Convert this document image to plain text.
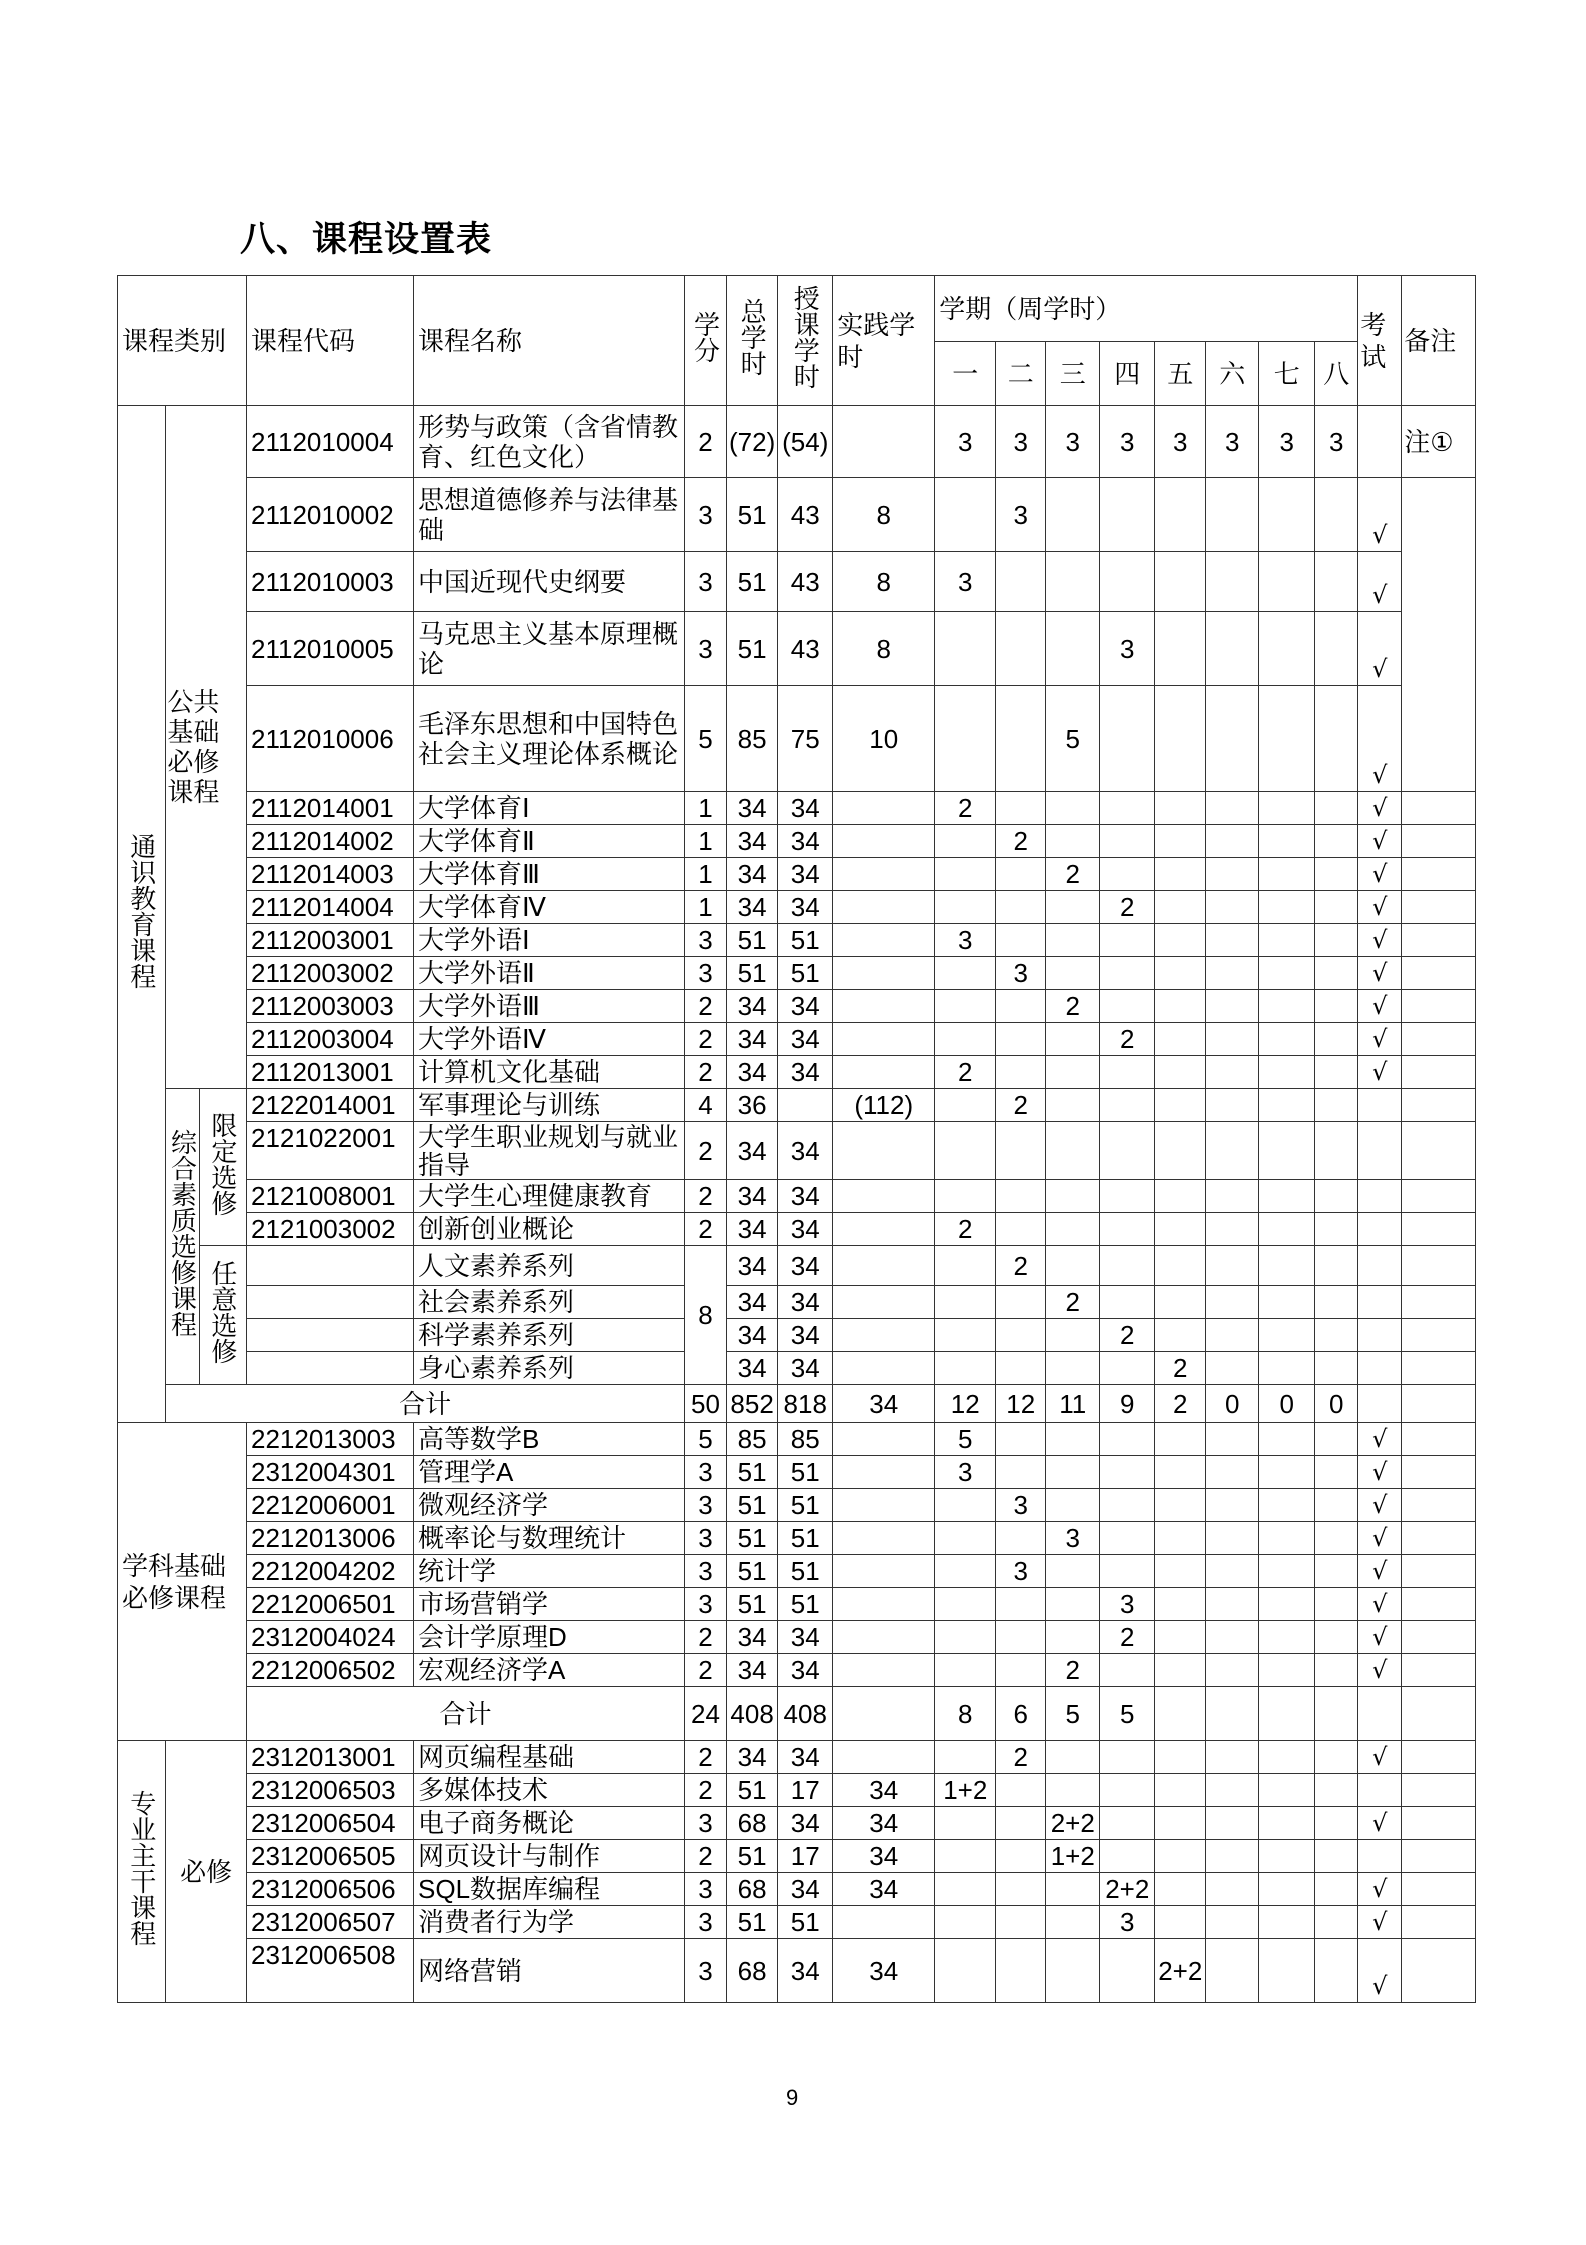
八、课程设置表
课程类别			课程代码	课程名称	学分	总学时	授课学时	实践学时	学期（周学时）								考试	备注
									一	二	三	四	五	六	七	八		
通识教育课程	公共基础必修课程		2112010004	形势与政策（含省情教育、红色文化）	2	(72)	(54)		3	3	3	3	3	3	3	3		注①
			2112010002	思想道德修养与法律基础	3	51	43	8		3							√	
			2112010003	中国近现代史纲要	3	51	43	8	3								√	
			2112010005	马克思主义基本原理概论	3	51	43	8				3					√	
			2112010006	毛泽东思想和中国特色社会主义理论体系概论	5	85	75	10			5						√	
			2112014001	大学体育Ⅰ	1	34	34		2								√	
			2112014002	大学体育Ⅱ	1	34	34			2							√	
			2112014003	大学体育Ⅲ	1	34	34				2						√	
			2112014004	大学体育Ⅳ	1	34	34					2					√	
			2112003001	大学外语Ⅰ	3	51	51		3								√	
			2112003002	大学外语Ⅱ	3	51	51			3							√	
			2112003003	大学外语Ⅲ	2	34	34				2						√	
			2112003004	大学外语Ⅳ	2	34	34					2					√	
			2112013001	计算机文化基础	2	34	34		2								√	
	综合素质选修课程	限定选修	2122014001	军事理论与训练	4	36		(112)		2								
			2121022001	大学生职业规划与就业指导	2	34	34											
			2121008001	大学生心理健康教育	2	34	34											
			2121003002	创新创业概论	2	34	34		2									
		任意选修		人文素养系列	8	34	34			2								
				社会素养系列		34	34				2							
				科学素养系列		34	34					2						
				身心素养系列		34	34						2					
	合计				50	852	818	34	12	12	11	9	2	0	0	0		
学科基础必修课程			2212013003	高等数学B	5	85	85		5								√	
			2312004301	管理学A	3	51	51		3								√	
			2212006001	微观经济学	3	51	51			3							√	
			2212013006	概率论与数理统计	3	51	51				3						√	
			2212004202	统计学	3	51	51			3							√	
			2212006501	市场营销学	3	51	51					3					√	
			2312004024	会计学原理D	2	34	34					2					√	
			2212006502	宏观经济学A	2	34	34				2						√	
			合计		24	408	408		8	6	5	5						
专业主干课程	必修		2312013001	网页编程基础	2	34	34			2							√	
			2312006503	多媒体技术	2	51	17	34	1+2									
			2312006504	电子商务概论	3	68	34	34			2+2						√	
			2312006505	网页设计与制作	2	51	17	34			1+2							
			2312006506	SQL数据库编程	3	68	34	34				2+2					√	
			2312006507	消费者行为学	3	51	51					3					√	
			2312006508	网络营销	3	68	34	34					2+2				√	
9
